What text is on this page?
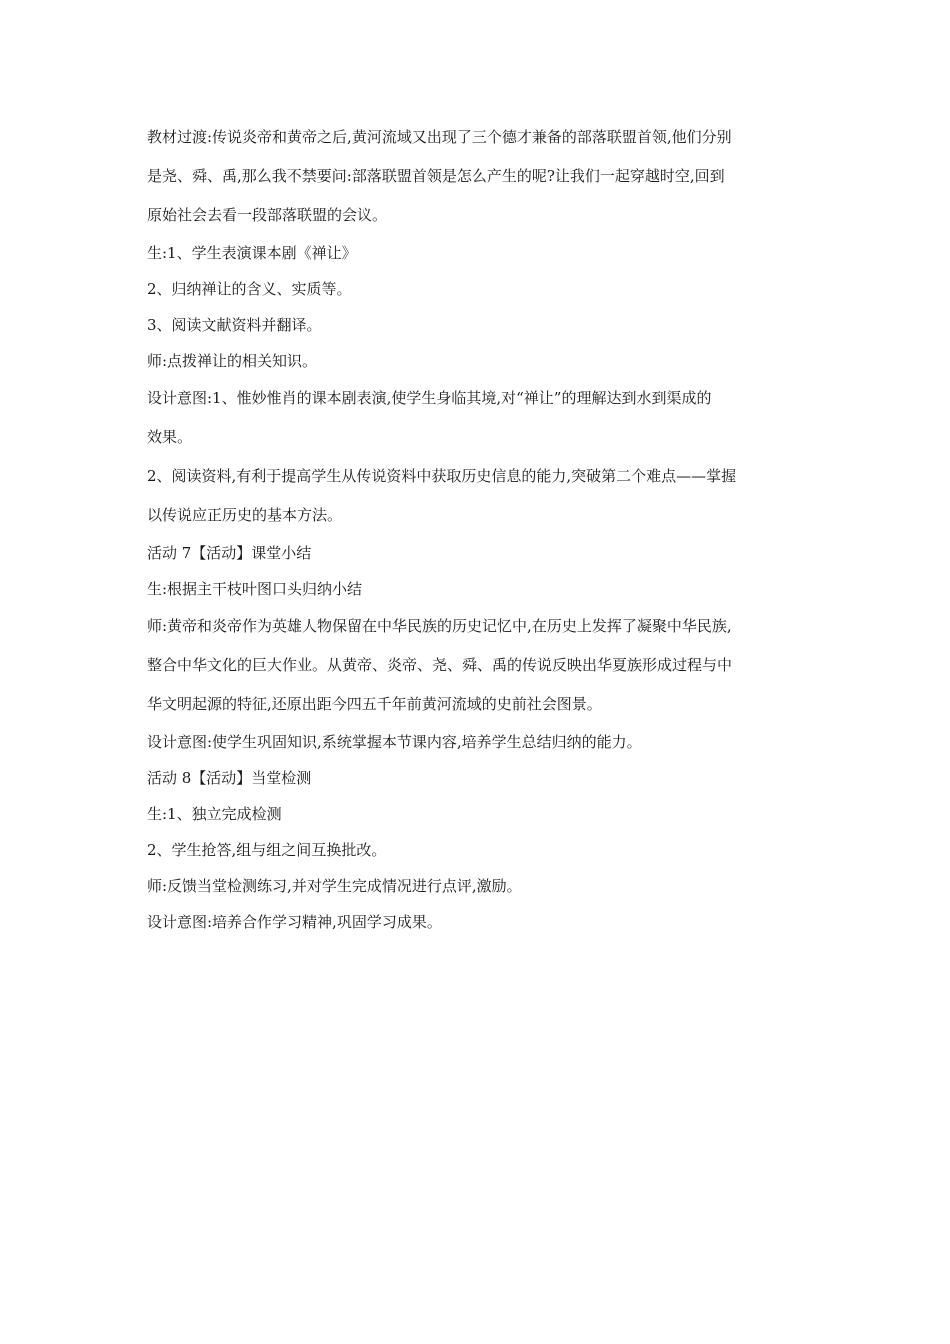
教材过渡:传说炎帝和黄帝之后,黄河流域又出现了三个德才兼备的部落联盟首领,他们分别

是尧、舜、禹,那么我不禁要问:部落联盟首领是怎么产生的呢?让我们一起穿越时空,回到

原始社会去看一段部落联盟的会议。

生:1、学生表演课本剧《禅让》

2、归纳禅让的含义、实质等。

3、阅读文献资料并翻译。

师:点拨禅让的相关知识。

设计意图:1、惟妙惟肖的课本剧表演,使学生身临其境,对“禅让”的理解达到水到渠成的

效果。

2、阅读资料,有利于提高学生从传说资料中获取历史信息的能力,突破第二个难点——掌握

以传说应正历史的基本方法。

活动 7【活动】课堂小结

生:根据主干枝叶图口头归纳小结

师:黄帝和炎帝作为英雄人物保留在中华民族的历史记忆中,在历史上发挥了凝聚中华民族,

整合中华文化的巨大作业。从黄帝、炎帝、尧、舜、禹的传说反映出华夏族形成过程与中

华文明起源的特征,还原出距今四五千年前黄河流域的史前社会图景。

设计意图:使学生巩固知识,系统掌握本节课内容,培养学生总结归纳的能力。

活动 8【活动】当堂检测

生:1、独立完成检测

2、学生抢答,组与组之间互换批改。

师:反馈当堂检测练习,并对学生完成情况进行点评,激励。

设计意图:培养合作学习精神,巩固学习成果。
